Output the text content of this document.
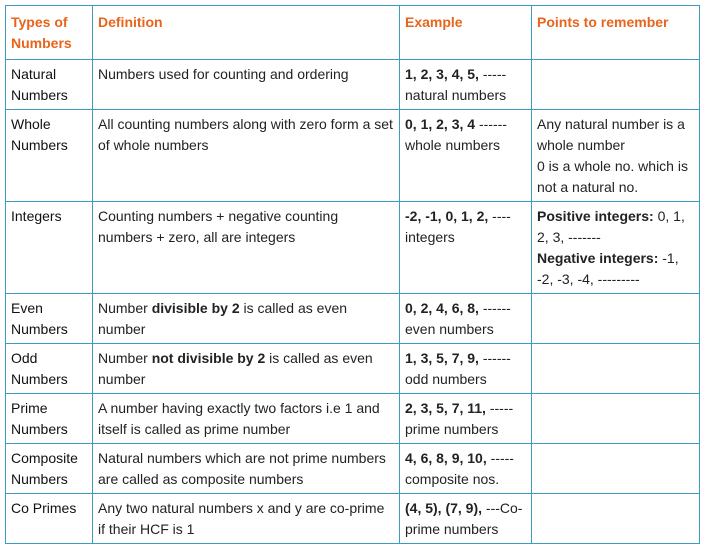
Types of Numbers	Definition	Example	Points to remember
Natural Numbers	Numbers used for counting and ordering	1, 2, 3, 4, 5, ----- natural numbers	
Whole Numbers	All counting numbers along with zero form a set of whole numbers	0, 1, 2, 3, 4 ------ whole numbers	Any natural number is a whole number
0 is a whole no. which is not a natural no.

Integers	Counting numbers + negative counting numbers + zero, all are integers	-2, -1, 0, 1, 2, ---- integers	Positive integers: 0, 1, 2, 3, -------
Negative integers: -1, -2, -3, -4, ---------

Even Numbers	Number divisible by 2 is called as even number	0, 2, 4, 6, 8, ------ even numbers	
Odd Numbers	Number not divisible by 2 is called as even number	1, 3, 5, 7, 9, ------ odd numbers	
Prime Numbers	A number having exactly two factors i.e 1 and itself is called as prime number	2, 3, 5, 7, 11, ----- prime numbers	
Composite Numbers	Natural numbers which are not prime numbers are called as composite numbers	4, 6, 8, 9, 10, ----- composite nos.	
Co Primes	Any two natural numbers x and y are co-prime if their HCF is 1	(4, 5), (7, 9), ---Co-prime numbers	
